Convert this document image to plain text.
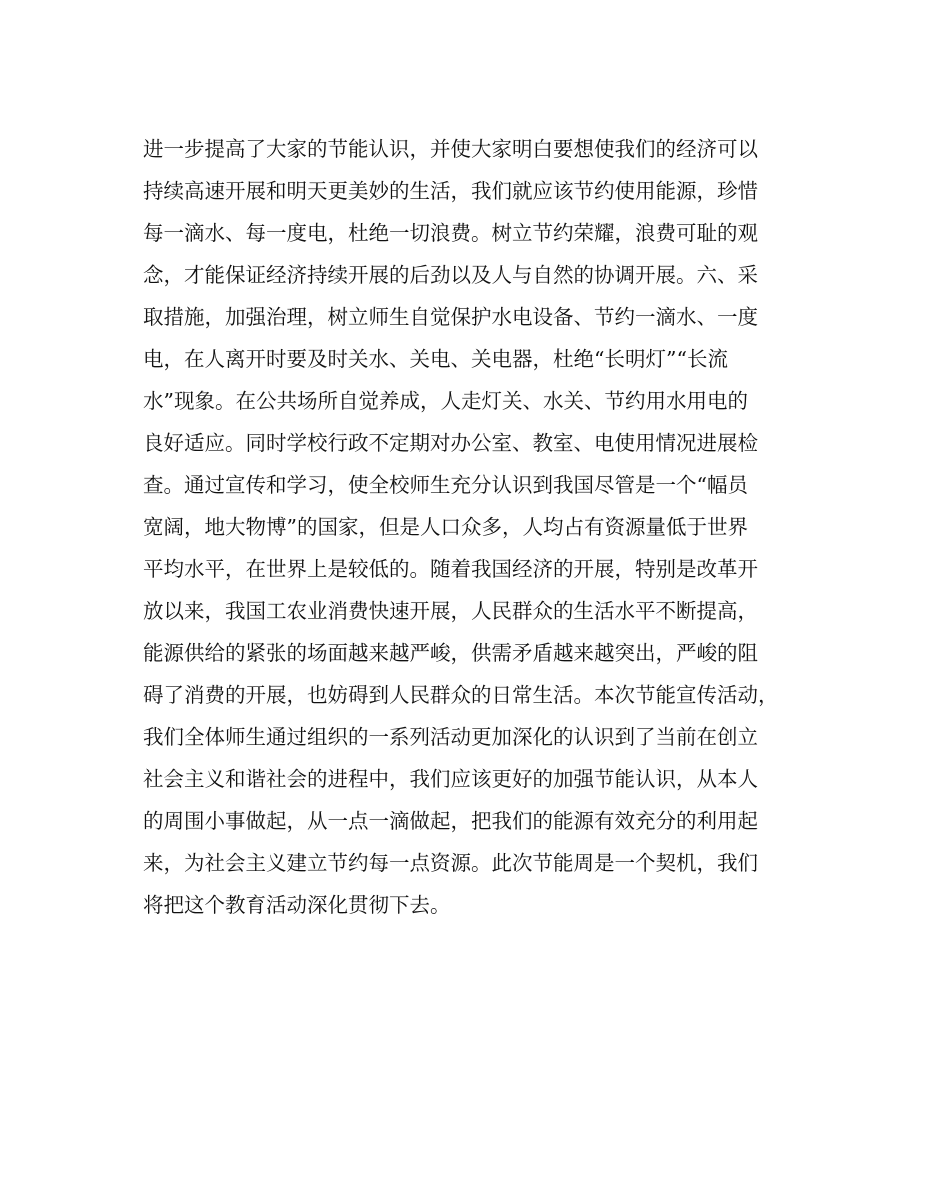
进一步提高了大家的节能认识，并使大家明白要想使我们的经济可以
持续高速开展和明天更美妙的生活，我们就应该节约使用能源，珍惜
每一滴水、每一度电，杜绝一切浪费。树立节约荣耀，浪费可耻的观
念，才能保证经济持续开展的后劲以及人与自然的协调开展。六、采
取措施，加强治理，树立师生自觉保护水电设备、节约一滴水、一度
电，在人离开时要及时关水、关电、关电器，杜绝“长明灯”“长流
水”现象。在公共场所自觉养成，人走灯关、水关、节约用水用电的
良好适应。同时学校行政不定期对办公室、教室、电使用情况进展检
查。通过宣传和学习，使全校师生充分认识到我国尽管是一个“幅员
宽阔，地大物博”的国家，但是人口众多，人均占有资源量低于世界
平均水平，在世界上是较低的。随着我国经济的开展，特别是改革开
放以来，我国工农业消费快速开展，人民群众的生活水平不断提高，
能源供给的紧张的场面越来越严峻，供需矛盾越来越突出，严峻的阻
碍了消费的开展，也妨碍到人民群众的日常生活。本次节能宣传活动，
我们全体师生通过组织的一系列活动更加深化的认识到了当前在创立
社会主义和谐社会的进程中，我们应该更好的加强节能认识，从本人
的周围小事做起，从一点一滴做起，把我们的能源有效充分的利用起
来，为社会主义建立节约每一点资源。此次节能周是一个契机，我们
将把这个教育活动深化贯彻下去。
